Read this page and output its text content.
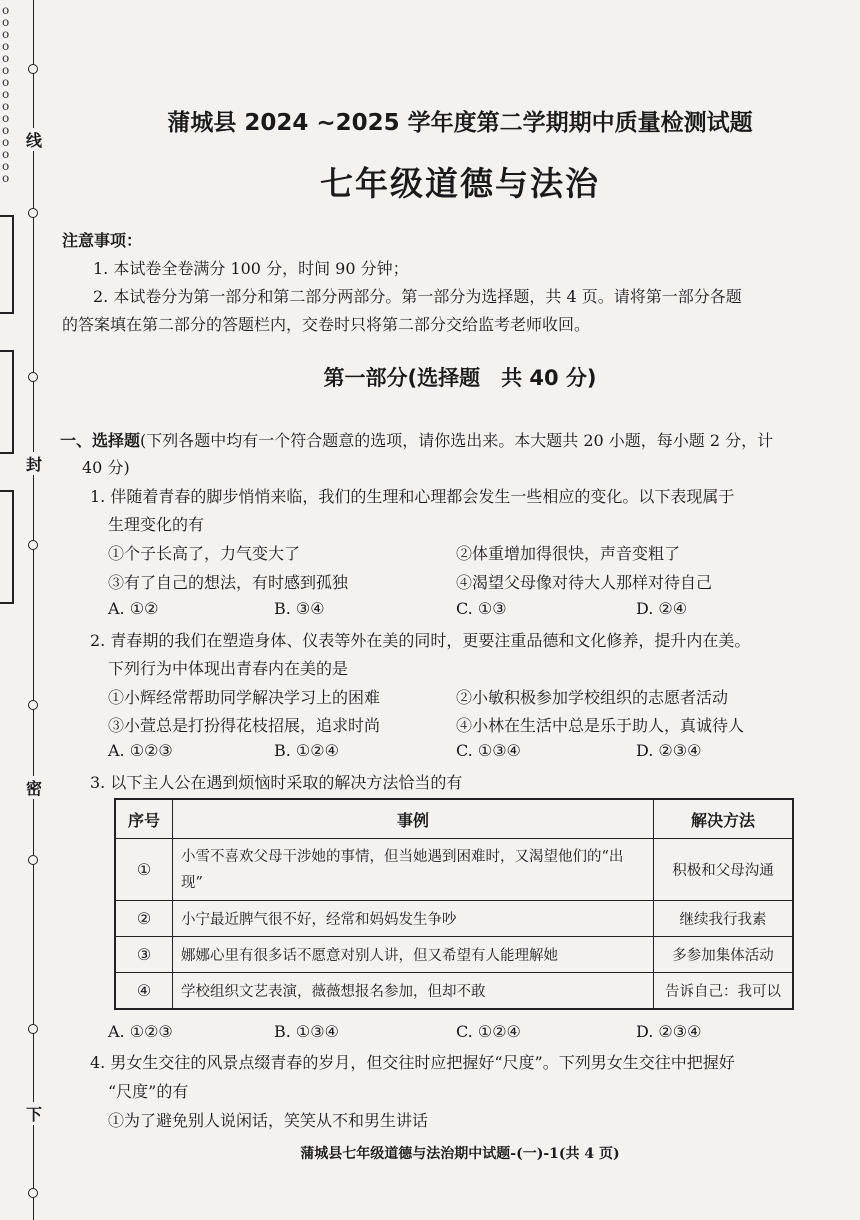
o
o
o
o
o
o
o
o
o
o
o
o
o
o
o
线
封
密
下
蒲城县 2024 ~2025 学年度第二学期期中质量检测试题
七年级道德与法治
注意事项：
1. 本试卷全卷满分 100 分，时间 90 分钟；
2. 本试卷分为第一部分和第二部分两部分。第一部分为选择题，共 4 页。请将第一部分各题
的答案填在第二部分的答题栏内，交卷时只将第二部分交给监考老师收回。
第一部分(选择题　共 40 分)
一、选择题(下列各题中均有一个符合题意的选项，请你选出来。本大题共 20 小题，每小题 2 分，计
40 分)
1. 伴随着青春的脚步悄悄来临，我们的生理和心理都会发生一些相应的变化。以下表现属于
生理变化的有
①个子长高了，力气变大了	②体重增加得很快，声音变粗了
③有了自己的想法，有时感到孤独	④渴望父母像对待大人那样对待自己
A. ①②	B. ③④	C. ①③	D. ②④
2. 青春期的我们在塑造身体、仪表等外在美的同时，更要注重品德和文化修养，提升内在美。
下列行为中体现出青春内在美的是
①小辉经常帮助同学解决学习上的困难	②小敏积极参加学校组织的志愿者活动
③小萱总是打扮得花枝招展，追求时尚	④小林在生活中总是乐于助人，真诚待人
A. ①②③	B. ①②④	C. ①③④	D. ②③④
3. 以下主人公在遇到烦恼时采取的解决方法恰当的有
序号	事例	解决方法
①	小雪不喜欢父母干涉她的事情，但当她遇到困难时，又渴望他们的“出现”	积极和父母沟通
②	小宁最近脾气很不好，经常和妈妈发生争吵	继续我行我素
③	娜娜心里有很多话不愿意对别人讲，但又希望有人能理解她	多参加集体活动
④	学校组织文艺表演，薇薇想报名参加，但却不敢	告诉自己：我可以
A. ①②③	B. ①③④	C. ①②④	D. ②③④
4. 男女生交往的风景点缀青春的岁月，但交往时应把握好“尺度”。下列男女生交往中把握好
“尺度”的有
①为了避免别人说闲话，笑笑从不和男生讲话
蒲城县七年级道德与法治期中试题-(一)-1(共 4 页)
